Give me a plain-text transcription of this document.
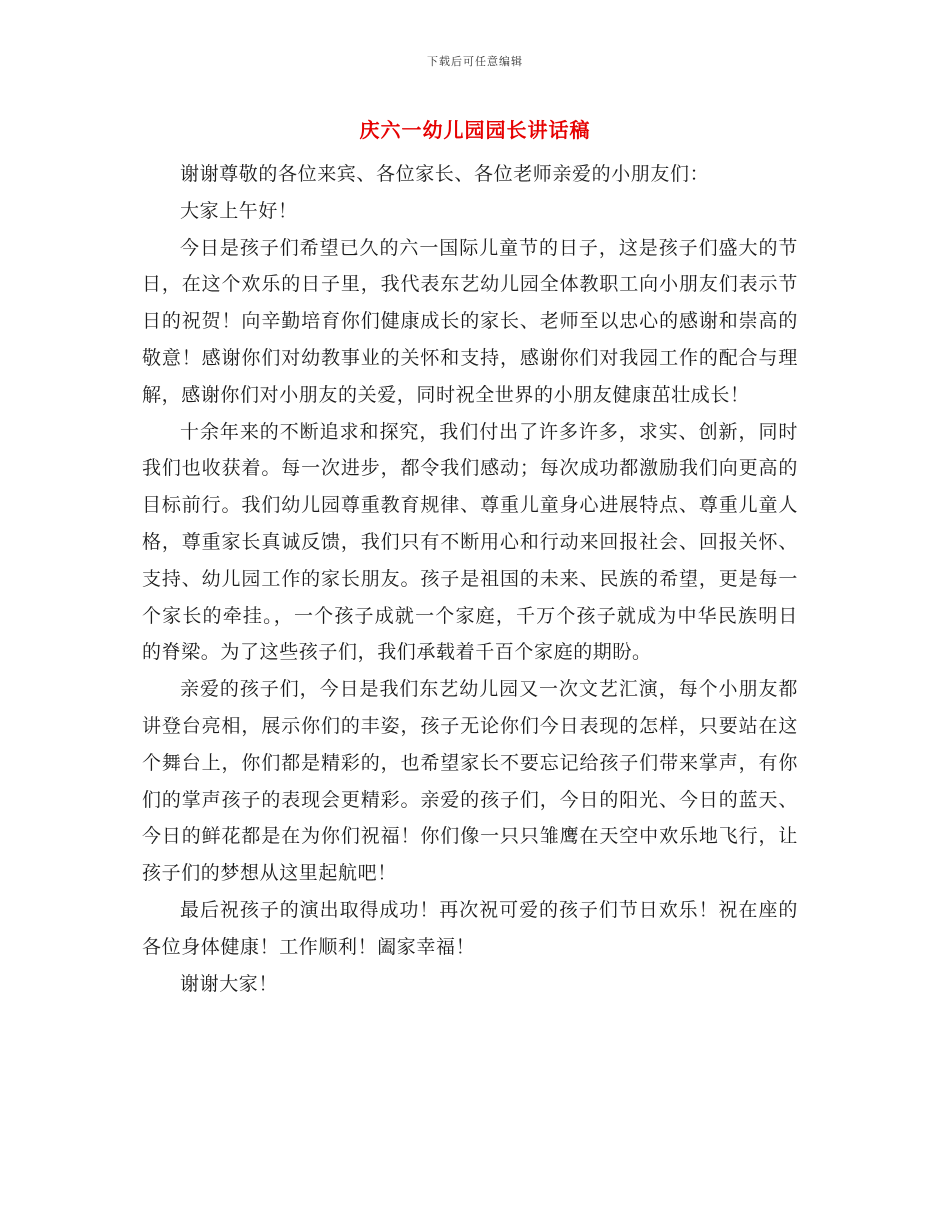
下载后可任意编辑
庆六一幼儿园园长讲话稿

谢谢尊敬的各位来宾、各位家长、各位老师亲爱的小朋友们：

大家上午好！

今日是孩子们希望已久的六一国际儿童节的日子，这是孩子们盛大的节日，在这个欢乐的日子里，我代表东艺幼儿园全体教职工向小朋友们表示节日的祝贺！向辛勤培育你们健康成长的家长、老师至以忠心的感谢和崇高的敬意！感谢你们对幼教事业的关怀和支持，感谢你们对我园工作的配合与理解，感谢你们对小朋友的关爱，同时祝全世界的小朋友健康茁壮成长！

十余年来的不断追求和探究，我们付出了许多许多，求实、创新，同时我们也收获着。每一次进步，都令我们感动；每次成功都激励我们向更高的目标前行。我们幼儿园尊重教育规律、尊重儿童身心进展特点、尊重儿童人格，尊重家长真诚反馈，我们只有不断用心和行动来回报社会、回报关怀、支持、幼儿园工作的家长朋友。孩子是祖国的未来、民族的希望，更是每一个家长的牵挂。，一个孩子成就一个家庭，千万个孩子就成为中华民族明日的脊梁。为了这些孩子们，我们承载着千百个家庭的期盼。

亲爱的孩子们，今日是我们东艺幼儿园又一次文艺汇演，每个小朋友都讲登台亮相，展示你们的丰姿，孩子无论你们今日表现的怎样，只要站在这个舞台上，你们都是精彩的，也希望家长不要忘记给孩子们带来掌声，有你们的掌声孩子的表现会更精彩。亲爱的孩子们，今日的阳光、今日的蓝天、今日的鲜花都是在为你们祝福！你们像一只只雏鹰在天空中欢乐地飞行，让孩子们的梦想从这里起航吧！

最后祝孩子的演出取得成功！再次祝可爱的孩子们节日欢乐！祝在座的各位身体健康！工作顺利！阖家幸福！

谢谢大家！
